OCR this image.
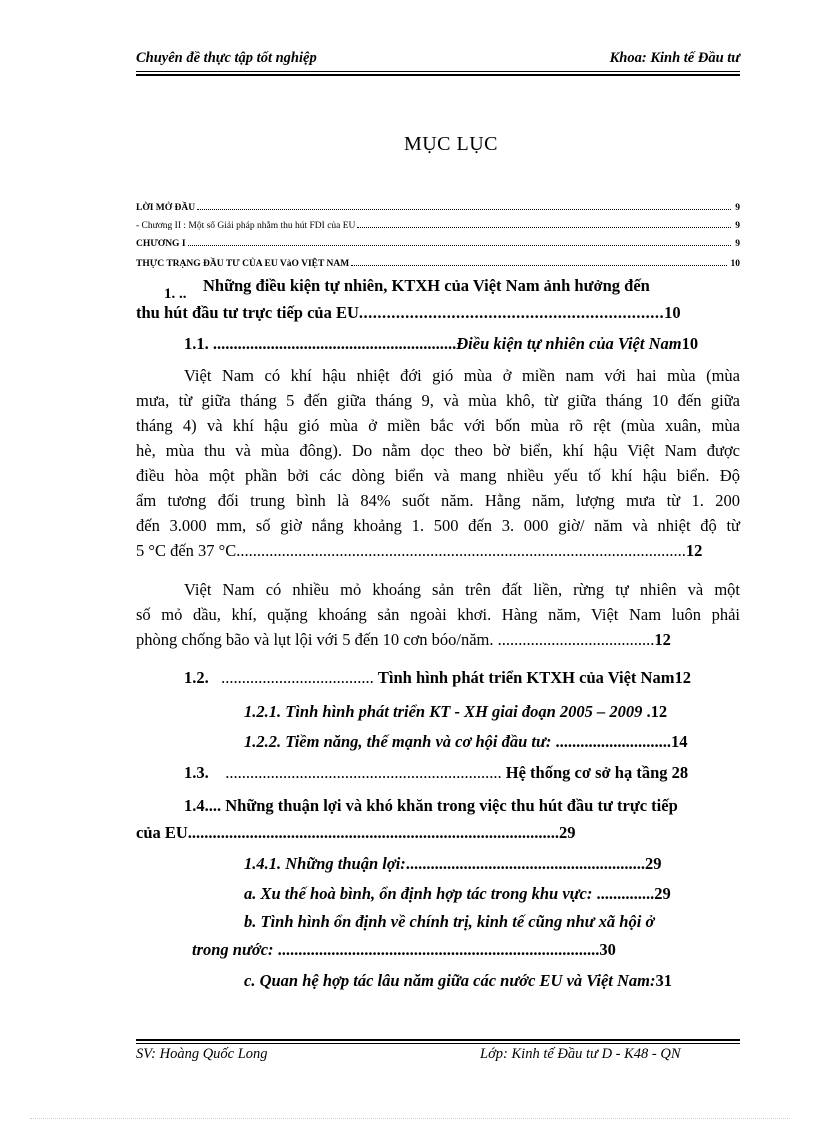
Chuyên đề thực tập tốt nghiệp	Khoa: Kinh tế Đầu tư
MỤC LỤC
LỜI MỞ ĐẦU	9
- Chương II : Một số Giải pháp nhằm thu hút FDI của EU	9
CHƯƠNG I	9
THỰC TRẠNG ĐẦU TƯ CỦA EU VàO VIỆT NAM	10
1. .. Những điều kiện tự nhiên, KTXH của Việt Nam ảnh hưởng đến
thu hút đầu tư trực tiếp của EU..................................................................10
1.1. ...........................................................Điều kiện tự nhiên của Việt Nam10
Việt Nam có khí hậu nhiệt đới gió mùa ở miền nam với hai mùa (mùa
mưa, từ giữa tháng 5 đến giữa tháng 9, và mùa khô, từ giữa tháng 10 đến giữa
tháng 4) và khí hậu gió mùa ở miền bắc với bốn mùa rõ rệt (mùa xuân, mùa
hè, mùa thu và mùa đông). Do nằm dọc theo bờ biển, khí hậu Việt Nam được
điều hòa một phần bởi các dòng biển và mang nhiều yếu tố khí hậu biển. Độ
ẩm tương đối trung bình là 84% suốt năm. Hằng năm, lượng mưa từ 1. 200
đến 3.000 mm, số giờ nắng khoảng 1. 500 đến 3. 000 giờ/ năm và nhiệt độ từ
5 °C đến 37 °C.............................................................................................................12
Việt Nam có nhiều mỏ khoáng sản trên đất liền, rừng tự nhiên và một
số mỏ dầu, khí, quặng khoáng sản ngoài khơi. Hàng năm, Việt Nam luôn phải
phòng chống bão và lụt lội với 5 đến 10 cơn bóo/năm. ......................................12
1.2.   ..................................... Tình hình phát triển KTXH của Việt Nam12
1.2.1. Tình hình phát triển KT - XH giai đoạn 2005 – 2009 .12
1.2.2. Tiềm năng, thế mạnh và cơ hội đầu tư: ............................14
1.3.    ................................................................... Hệ thống cơ sở hạ tầng 28
1.4.... Những thuận lợi và khó khăn trong việc thu hút đầu tư trực tiếp
của EU..........................................................................................29
1.4.1. Những thuận lợi:..........................................................29
a. Xu thế hoà bình, ổn định hợp tác trong khu vực: ..............29
b. Tình hình ổn định về chính trị, kinh tế cũng như xã hội ở
trong nước: ..............................................................................30
c. Quan hệ hợp tác lâu năm giữa các nước EU và Việt Nam:31
SV: Hoàng Quốc Long	Lớp: Kinh tế Đầu tư D - K48 - QN
